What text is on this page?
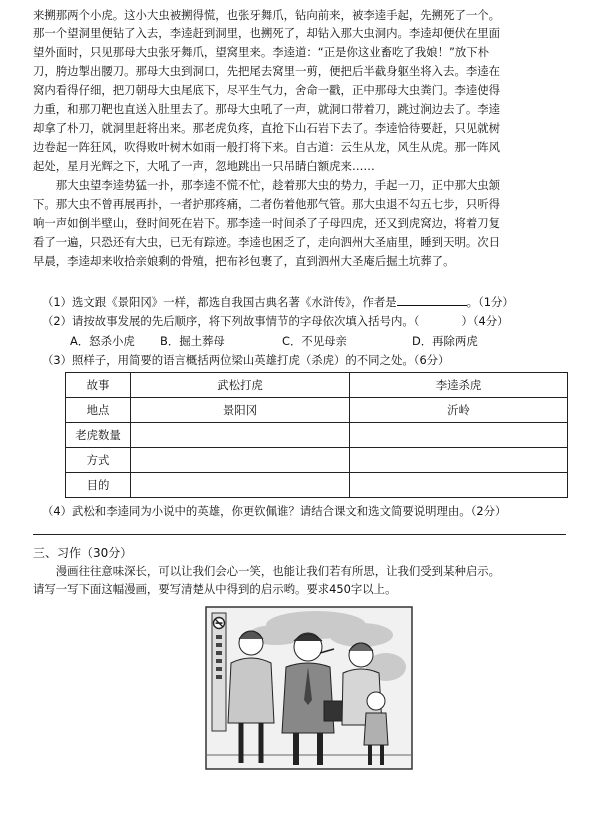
来搠那两个小虎。这小大虫被搠得慌，也张牙舞爪，钻向前来，被李逵手起，先搠死了一个。
那一个望洞里便钻了入去，李逵赶到洞里，也搠死了，却钻入那大虫洞内。李逵却便伏在里面
望外面时，只见那母大虫张牙舞爪，望窝里来。李逵道：“正是你这业畜吃了我娘！”放下朴
刀，胯边掣出腰刀。那母大虫到洞口，先把尾去窝里一剪，便把后半截身躯坐将入去。李逵在
窝内看得仔细，把刀朝母大虫尾底下，尽平生气力，舍命一戳，正中那母大虫粪门。李逵使得
力重，和那刀靶也直送入肚里去了。那母大虫吼了一声，就洞口带着刀，跳过涧边去了。李逵
却拿了朴刀，就洞里赶将出来。那老虎负疼，直抢下山石岩下去了。李逵恰待要赶，只见就树
边卷起一阵狂风，吹得败叶树木如雨一般打将下来。自古道：云生从龙，风生从虎。那一阵风
起处，星月光辉之下，大吼了一声，忽地跳出一只吊睛白额虎来……
　　那大虫望李逵势猛一扑，那李逵不慌不忙，趁着那大虫的势力，手起一刀，正中那大虫颔
下。那大虫不曾再展再扑，一者护那疼痛，二者伤着他那气管。那大虫退不勾五七步，只听得
响一声如倒半壁山，登时间死在岩下。那李逵一时间杀了子母四虎，还又到虎窝边，将着刀复
看了一遍，只恐还有大虫，已无有踪迹。李逵也困乏了，走向泗州大圣庙里，睡到天明。次日
早晨，李逵却来收拾亲娘剩的骨殖，把布衫包裹了，直到泗州大圣庵后掘土坑葬了。
（1）选文跟《景阳冈》一样，都选自我国古典名著《水浒传》，作者是	。（1分）
（2）请按故事发展的先后顺序，将下列故事情节的字母依次填入括号内。（	）（4分）
A．怒杀小虎 B．掘土葬母	C．不见母亲	D．再除两虎
（3）照样子，用简要的语言概括两位梁山英雄打虎（杀虎）的不同之处。（6分）
故事	武松打虎	李逵杀虎
地点	景阳冈	沂岭
老虎数量		
方式		
目的		
（4）武松和李逵同为小说中的英雄，你更钦佩谁？请结合课文和选文简要说明理由。（2分）
三、习作（30分）
　　漫画往往意味深长，可以让我们会心一笑，也能让我们若有所思，让我们受到某种启示。
请写一写下面这幅漫画，要写清楚从中得到的启示哟。要求450字以上。
